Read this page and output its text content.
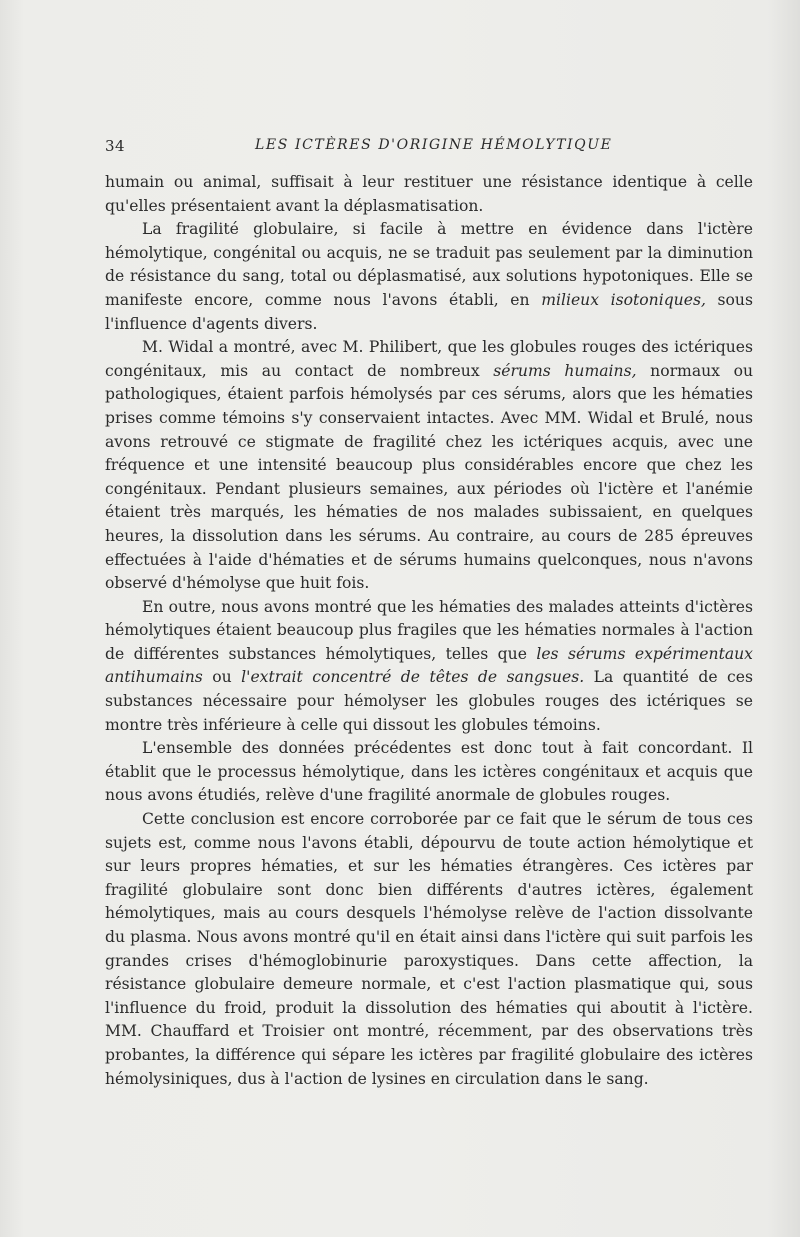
34	LES ICTÈRES D'ORIGINE HÉMOLYTIQUE

humain ou animal, suffisait à leur restituer une résistance identique à celle qu'elles présentaient avant la déplasmatisation.

La fragilité globulaire, si facile à mettre en évidence dans l'ictère hémolytique, congénital ou acquis, ne se traduit pas seulement par la diminution de résistance du sang, total ou déplasmatisé, aux solutions hypotoniques. Elle se manifeste encore, comme nous l'avons établi, en milieux isotoniques, sous l'influence d'agents divers.

M. Widal a montré, avec M. Philibert, que les globules rouges des ictériques congénitaux, mis au contact de nombreux sérums humains, normaux ou pathologiques, étaient parfois hémolysés par ces sérums, alors que les hématies prises comme témoins s'y conservaient intactes. Avec MM. Widal et Brulé, nous avons retrouvé ce stigmate de fragilité chez les ictériques acquis, avec une fréquence et une intensité beaucoup plus considérables encore que chez les congénitaux. Pendant plusieurs semaines, aux périodes où l'ictère et l'anémie étaient très marqués, les hématies de nos malades subissaient, en quelques heures, la dissolution dans les sérums. Au contraire, au cours de 285 épreuves effectuées à l'aide d'hématies et de sérums humains quelconques, nous n'avons observé d'hémolyse que huit fois.

En outre, nous avons montré que les hématies des malades atteints d'ictères hémolytiques étaient beaucoup plus fragiles que les hématies normales à l'action de différentes substances hémolytiques, telles que les sérums expérimentaux antihumains ou l'extrait concentré de têtes de sangsues. La quantité de ces substances nécessaire pour hémolyser les globules rouges des ictériques se montre très inférieure à celle qui dissout les globules témoins.

L'ensemble des données précédentes est donc tout à fait concordant. Il établit que le processus hémolytique, dans les ictères congénitaux et acquis que nous avons étudiés, relève d'une fragilité anormale de globules rouges.

Cette conclusion est encore corroborée par ce fait que le sérum de tous ces sujets est, comme nous l'avons établi, dépourvu de toute action hémolytique et sur leurs propres hématies, et sur les hématies étrangères. Ces ictères par fragilité globulaire sont donc bien différents d'autres ictères, également hémolytiques, mais au cours desquels l'hémolyse relève de l'action dissolvante du plasma. Nous avons montré qu'il en était ainsi dans l'ictère qui suit parfois les grandes crises d'hémoglobinurie paroxystiques. Dans cette affection, la résistance globulaire demeure normale, et c'est l'action plasmatique qui, sous l'influence du froid, produit la dissolution des hématies qui aboutit à l'ictère. MM. Chauffard et Troisier ont montré, récemment, par des observations très probantes, la différence qui sépare les ictères par fragilité globulaire des ictères hémolysiniques, dus à l'action de lysines en circulation dans le sang.
